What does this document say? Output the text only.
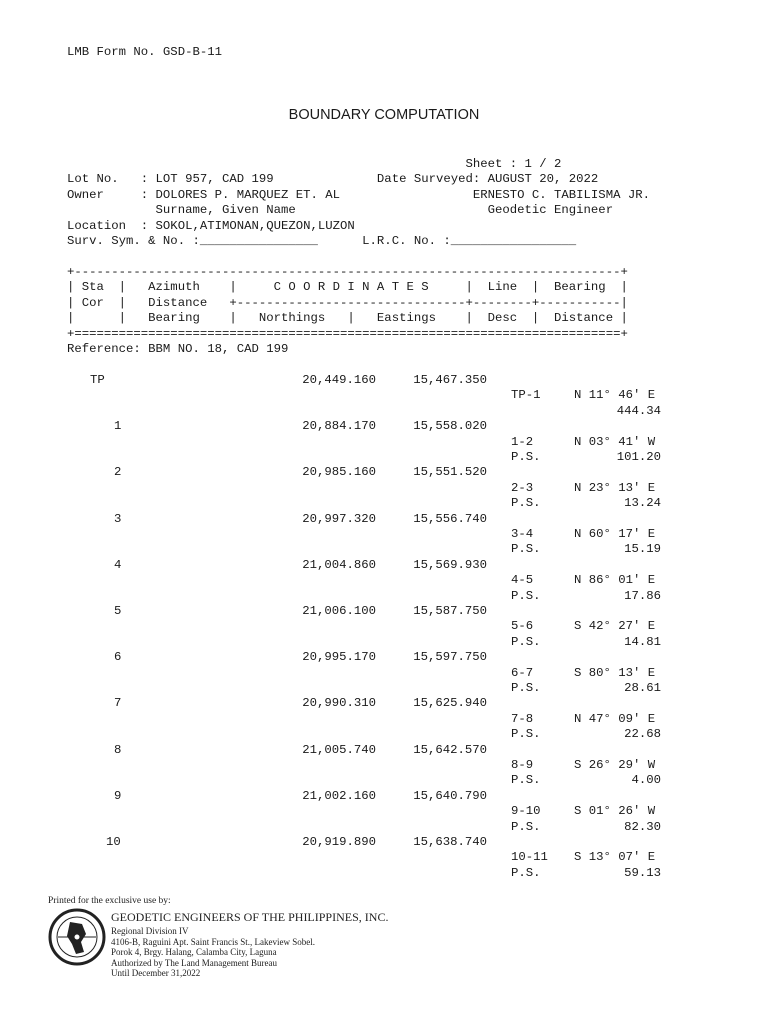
LMB Form No. GSD-B-11
BOUNDARY COMPUTATION
Sheet : 1 / 2
Lot No.   : LOT 957, CAD 199              Date Surveyed: AUGUST 20, 2022
Owner     : DOLORES P. MARQUEZ ET. AL                  ERNESTO C. TABILISMA JR.
Surname, Given Name                          Geodetic Engineer
Location  : SOKOL,ATIMONAN,QUEZON,LUZON
Surv. Sym. & No. :________________      L.R.C. No. :_________________
+--------------------------------------------------------------------------+
| Sta  |   Azimuth    |     C O O R D I N A T E S     |  Line  |  Bearing  |
| Cor  |   Distance   +-------------------------------+--------+-----------|
|      |   Bearing    |   Northings   |   Eastings    |  Desc  |  Distance |
+==========================================================================+
Reference: BBM NO. 18, CAD 199
TP	20,449.160	15,467.350
TP-1	N 11° 46' E
444.34
1	20,884.170	15,558.020
1-2	N 03° 41' W
P.S.	101.20
2	20,985.160	15,551.520
2-3	N 23° 13' E
P.S.	13.24
3	20,997.320	15,556.740
3-4	N 60° 17' E
P.S.	15.19
4	21,004.860	15,569.930
4-5	N 86° 01' E
P.S.	17.86
5	21,006.100	15,587.750
5-6	S 42° 27' E
P.S.	14.81
6	20,995.170	15,597.750
6-7	S 80° 13' E
P.S.	28.61
7	20,990.310	15,625.940
7-8	N 47° 09' E
P.S.	22.68
8	21,005.740	15,642.570
8-9	S 26° 29' W
P.S.	4.00
9	21,002.160	15,640.790
9-10	S 01° 26' W
P.S.	82.30
10	20,919.890	15,638.740
10-11 S 13° 07' E
P.S.	59.13
Printed for the exclusive use by:
GEODETIC ENGINEERS OF THE PHILIPPINES, INC.
Regional Division IV
4106-B, Raguini Apt. Saint Francis St., Lakeview Sobel.
Porok 4, Brgy. Halang, Calamba City, Laguna
Authorized by The Land Management Bureau
Until December 31,2022
